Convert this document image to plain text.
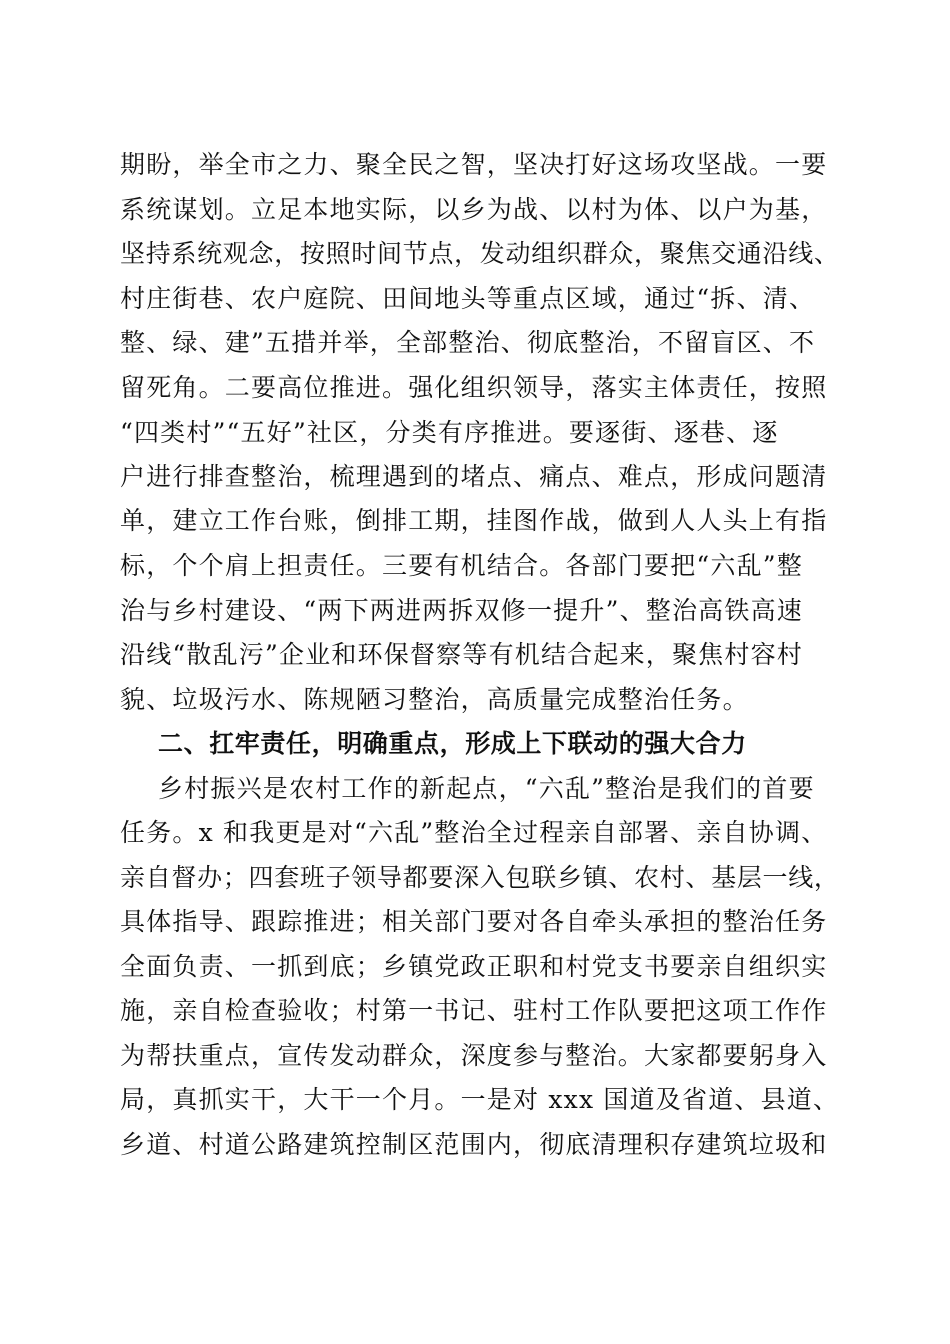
期盼，举全市之力、聚全民之智，坚决打好这场攻坚战。一要
系统谋划。立足本地实际，以乡为战、以村为体、以户为基，
坚持系统观念，按照时间节点，发动组织群众，聚焦交通沿线、
村庄街巷、农户庭院、田间地头等重点区域，通过“拆、清、
整、绿、建”五措并举，全部整治、彻底整治，不留盲区、不
留死角。二要高位推进。强化组织领导，落实主体责任，按照
“四类村”“五好”社区，分类有序推进。要逐街、逐巷、逐
户进行排查整治，梳理遇到的堵点、痛点、难点，形成问题清
单，建立工作台账，倒排工期，挂图作战，做到人人头上有指
标，个个肩上担责任。三要有机结合。各部门要把“六乱”整
治与乡村建设、“两下两进两拆双修一提升”、整治高铁高速
沿线“散乱污”企业和环保督察等有机结合起来，聚焦村容村
貌、垃圾污水、陈规陋习整治，高质量完成整治任务。
二、扛牢责任，明确重点，形成上下联动的强大合力
乡村振兴是农村工作的新起点，“六乱”整治是我们的首要
任务。x 和我更是对“六乱”整治全过程亲自部署、亲自协调、
亲自督办；四套班子领导都要深入包联乡镇、农村、基层一线，
具体指导、跟踪推进；相关部门要对各自牵头承担的整治任务
全面负责、一抓到底；乡镇党政正职和村党支书要亲自组织实
施，亲自检查验收；村第一书记、驻村工作队要把这项工作作
为帮扶重点，宣传发动群众，深度参与整治。大家都要躬身入
局，真抓实干，大干一个月。一是对 xxx 国道及省道、县道、
乡道、村道公路建筑控制区范围内，彻底清理积存建筑垃圾和
